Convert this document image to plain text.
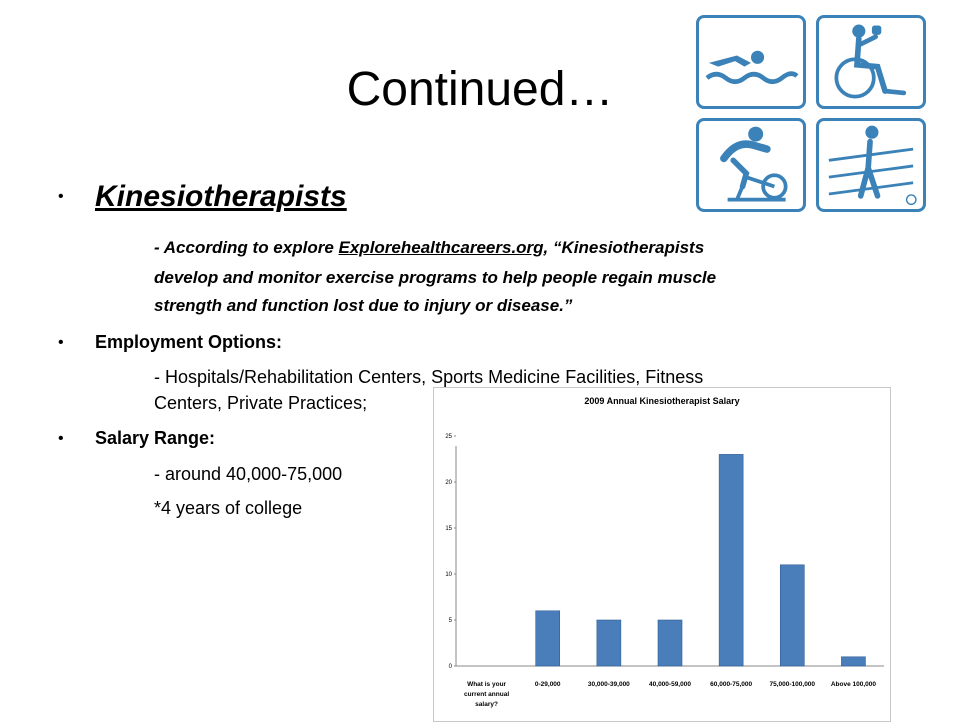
Continued…
• Kinesiotherapists
- According to explore Explorehealthcareers.org, “Kinesiotherapists
develop and monitor exercise programs to help people regain muscle
strength and function lost due to injury or disease.”
• Employment Options:
- Hospitals/Rehabilitation Centers, Sports Medicine Facilities, Fitness
Centers, Private Practices;
• Salary Range:
- around 40,000-75,000
*4 years of college
2009 Annual Kinesiotherapist Salary
0
5
10
15
20
25
What is your
current annual
salary?
0-29,000	30,000-39,000	40,000-59,000	60,000-75,000	75,000-100,000 Above 100,000
